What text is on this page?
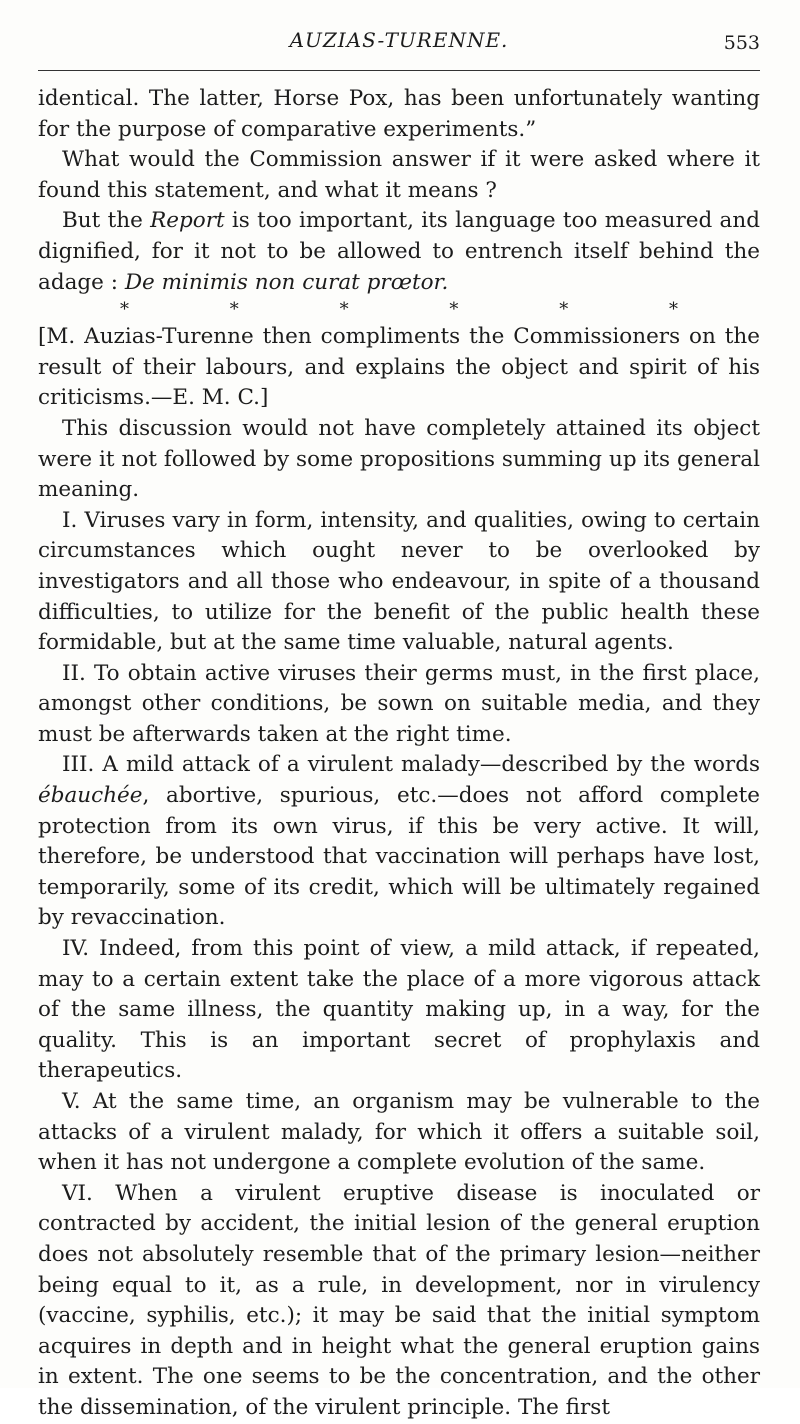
AUZIAS-TURENNE.	553

identical. The latter, Horse Pox, has been unfortunately wanting for the purpose of comparative experiments.”

What would the Commission answer if it were asked where it found this statement, and what it means ?

But the Report is too important, its language too measured and dignified, for it not to be allowed to entrench itself behind the adage : De minimis non curat prœtor.

*	*	*	*	*	*

[M. Auzias-Turenne then compliments the Commissioners on the result of their labours, and explains the object and spirit of his criticisms.—E. M. C.]

This discussion would not have completely attained its object were it not followed by some propositions summing up its general meaning.

I. Viruses vary in form, intensity, and qualities, owing to certain circumstances which ought never to be overlooked by investigators and all those who endeavour, in spite of a thousand difficulties, to utilize for the benefit of the public health these formidable, but at the same time valuable, natural agents.

II. To obtain active viruses their germs must, in the first place, amongst other conditions, be sown on suitable media, and they must be afterwards taken at the right time.

III. A mild attack of a virulent malady—described by the words ébauchée, abortive, spurious, etc.—does not afford complete protection from its own virus, if this be very active. It will, therefore, be understood that vaccination will perhaps have lost, temporarily, some of its credit, which will be ultimately regained by revaccination.

IV. Indeed, from this point of view, a mild attack, if repeated, may to a certain extent take the place of a more vigorous attack of the same illness, the quantity making up, in a way, for the quality. This is an important secret of prophylaxis and therapeutics.

V. At the same time, an organism may be vulnerable to the attacks of a virulent malady, for which it offers a suitable soil, when it has not undergone a complete evolution of the same.

VI. When a virulent eruptive disease is inoculated or contracted by accident, the initial lesion of the general eruption does not absolutely resemble that of the primary lesion—neither being equal to it, as a rule, in development, nor in virulency (vaccine, syphilis, etc.); it may be said that the initial symptom acquires in depth and in height what the general eruption gains in extent. The one seems to be the concentration, and the other the dissemination, of the virulent principle. The first
